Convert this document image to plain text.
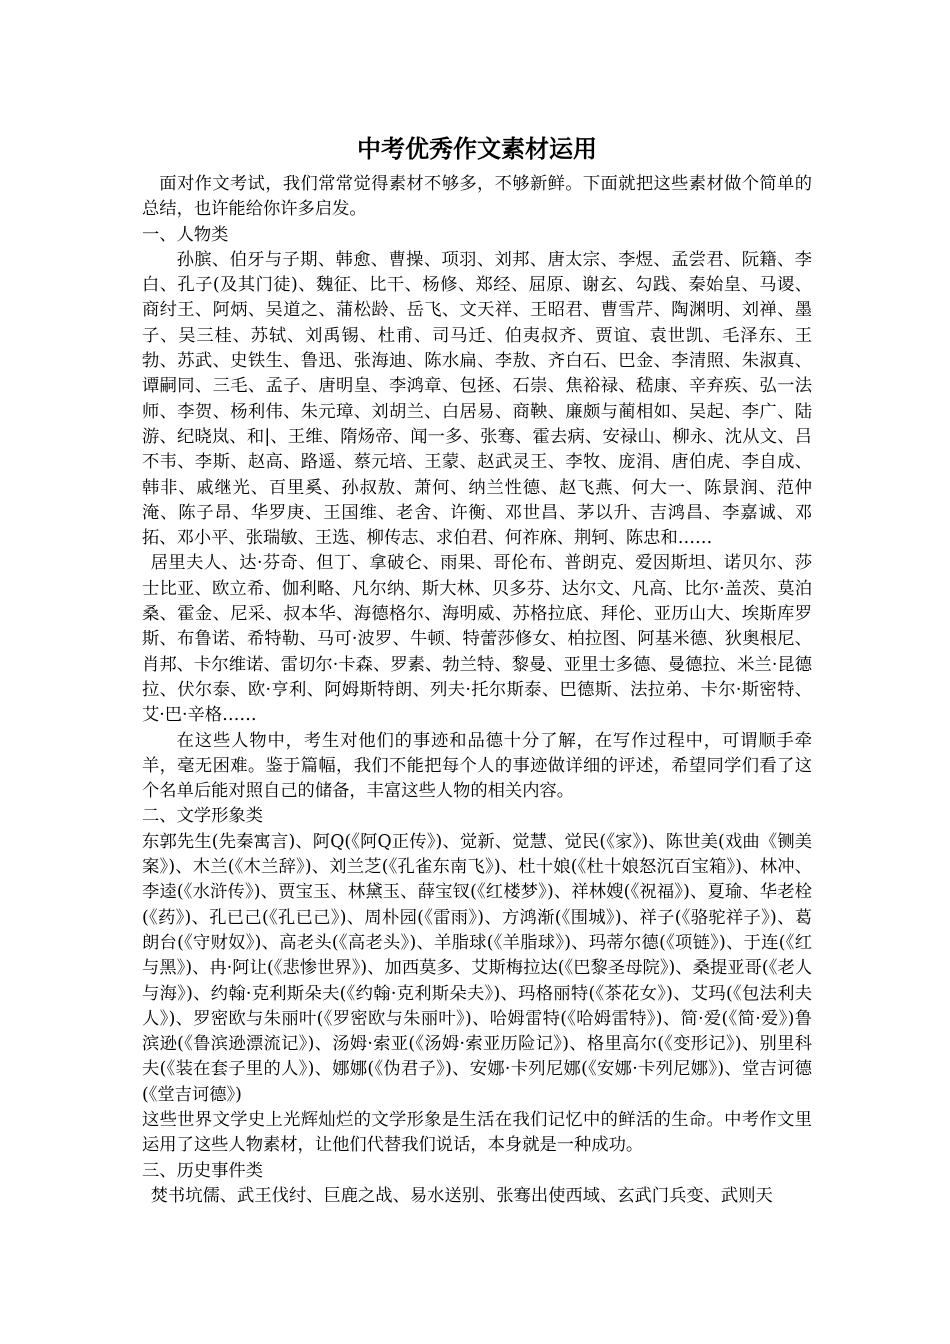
中考优秀作文素材运用

面对作文考试，我们常常觉得素材不够多，不够新鲜。下面就把这些素材做个简单的总结，也许能给你许多启发。

一、人物类

孙膑、伯牙与子期、韩愈、曹操、项羽、刘邦、唐太宗、李煜、孟尝君、阮籍、李白、孔子(及其门徒)、魏征、比干、杨修、郑经、屈原、谢玄、勾践、秦始皇、马谡、商纣王、阿炳、吴道之、蒲松龄、岳飞、文天祥、王昭君、曹雪芹、陶渊明、刘禅、墨子、吴三桂、苏轼、刘禹锡、杜甫、司马迁、伯夷叔齐、贾谊、袁世凯、毛泽东、王勃、苏武、史铁生、鲁迅、张海迪、陈水扁、李敖、齐白石、巴金、李清照、朱淑真、谭嗣同、三毛、孟子、唐明皇、李鸿章、包拯、石崇、焦裕禄、嵇康、辛弃疾、弘一法师、李贺、杨利伟、朱元璋、刘胡兰、白居易、商鞅、廉颇与蔺相如、吴起、李广、陆游、纪晓岚、和|、王维、隋炀帝、闻一多、张骞、霍去病、安禄山、柳永、沈从文、吕不韦、李斯、赵高、路遥、蔡元培、王蒙、赵武灵王、李牧、庞涓、唐伯虎、李自成、韩非、戚继光、百里奚、孙叔敖、萧何、纳兰性德、赵飞燕、何大一、陈景润、范仲淹、陈子昂、华罗庚、王国维、老舍、许衡、邓世昌、茅以升、吉鸿昌、李嘉诚、邓拓、邓小平、张瑞敏、王选、柳传志、求伯君、何祚庥、荆轲、陈忠和……

居里夫人、达·芬奇、但丁、拿破仑、雨果、哥伦布、普朗克、爱因斯坦、诺贝尔、莎士比亚、欧立希、伽利略、凡尔纳、斯大林、贝多芬、达尔文、凡高、比尔·盖茨、莫泊桑、霍金、尼采、叔本华、海德格尔、海明威、苏格拉底、拜伦、亚历山大、埃斯库罗斯、布鲁诺、希特勒、马可·波罗、牛顿、特蕾莎修女、柏拉图、阿基米德、狄奥根尼、肖邦、卡尔维诺、雷切尔·卡森、罗素、勃兰特、黎曼、亚里士多德、曼德拉、米兰·昆德拉、伏尔泰、欧·亨利、阿姆斯特朗、列夫·托尔斯泰、巴德斯、法拉弟、卡尔·斯密特、艾·巴·辛格……

在这些人物中，考生对他们的事迹和品德十分了解，在写作过程中，可谓顺手牵羊，毫无困难。鉴于篇幅，我们不能把每个人的事迹做详细的评述，希望同学们看了这个名单后能对照自己的储备，丰富这些人物的相关内容。

二、文学形象类

东郭先生(先秦寓言)、阿Q(《阿Q正传》)、觉新、觉慧、觉民(《家》)、陈世美(戏曲《铡美案》)、木兰(《木兰辞》)、刘兰芝(《孔雀东南飞》)、杜十娘(《杜十娘怒沉百宝箱》)、林冲、李逵(《水浒传》)、贾宝玉、林黛玉、薛宝钗(《红楼梦》)、祥林嫂(《祝福》)、夏瑜、华老栓(《药》)、孔已己(《孔已己》)、周朴园(《雷雨》)、方鸿渐(《围城》)、祥子(《骆驼祥子》)、葛朗台(《守财奴》)、高老头(《高老头》)、羊脂球(《羊脂球》)、玛蒂尔德(《项链》)、于连(《红与黑》)、冉·阿让(《悲惨世界》)、加西莫多、艾斯梅拉达(《巴黎圣母院》)、桑提亚哥(《老人与海》)、约翰·克利斯朵夫(《约翰·克利斯朵夫》)、玛格丽特(《茶花女》)、艾玛(《包法利夫人》)、罗密欧与朱丽叶(《罗密欧与朱丽叶》)、哈姆雷特(《哈姆雷特》)、简·爱(《简·爱》)鲁滨逊(《鲁滨逊漂流记》)、汤姆·索亚(《汤姆·索亚历险记》)、格里高尔(《变形记》)、别里科夫(《装在套子里的人》)、娜娜(《伪君子》)、安娜·卡列尼娜(《安娜·卡列尼娜》)、堂吉诃德(《堂吉诃德》)

这些世界文学史上光辉灿烂的文学形象是生活在我们记忆中的鲜活的生命。中考作文里运用了这些人物素材，让他们代替我们说话，本身就是一种成功。

三、历史事件类

焚书坑儒、武王伐纣、巨鹿之战、易水送别、张骞出使西域、玄武门兵变、武则天
